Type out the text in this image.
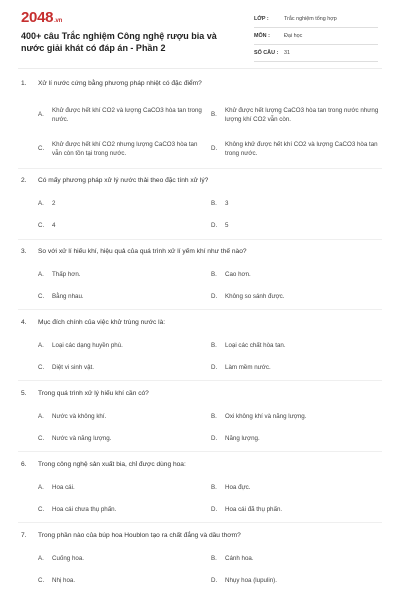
2048.vn
400+ câu Trắc nghiệm Công nghệ rượu bia và nước giải khát có đáp án - Phần 2
LỚP :	Trắc nghiệm tổng hợp
MÔN :	Đại học
SỐ CÂU : 31
1. Xử lí nước cứng bằng phương pháp nhiệt có đặc điểm?
A.
Khử được hết khí CO2 và lượng CaCO3 hòa tan trong nước.
B.
Khử được hết lượng CaCO3 hòa tan trong nước nhưng lượng khí CO2 vẫn còn.
C.
Khử được hết khí CO2 nhưng lượng CaCO3 hòa tan vẫn còn tồn tại trong nước.
D.
Không khử được hết khí CO2 và lượng CaCO3 hòa tan trong nước.
2. Có mấy phương pháp xử lý nước thải theo đặc tính xử lý?
A. 2	B. 3
C. 4	D. 5
3. So với xử lí hiếu khí, hiệu quả của quá trình xử lí yếm khí như thế nào?
A. Thấp hơn.	B. Cao hơn.
C. Bằng nhau.	D. Không so sánh được.
4. Mục đích chính của việc khử trùng nước là:
A. Loại các dạng huyền phù.	B. Loại các chất hòa tan.
C. Diệt vi sinh vật.	D. Làm mềm nước.
5. Trong quá trình xử lý hiếu khí cần có?
A. Nước và không khí.	B. Oxi không khí và năng lượng.
C. Nước và năng lượng.	D. Năng lượng.
6. Trong công nghệ sản xuất bia, chỉ được dùng hoa:
A. Hoa cái.	B. Hoa đực.
C. Hoa cái chưa thụ phấn.	D. Hoa cái đã thụ phấn.
7. Trong phần nào của búp hoa Houblon tạo ra chất đắng và dầu thơm?
A. Cuống hoa.	B. Cánh hoa.
C. Nhị hoa.	D. Nhụy hoa (lupulin).
